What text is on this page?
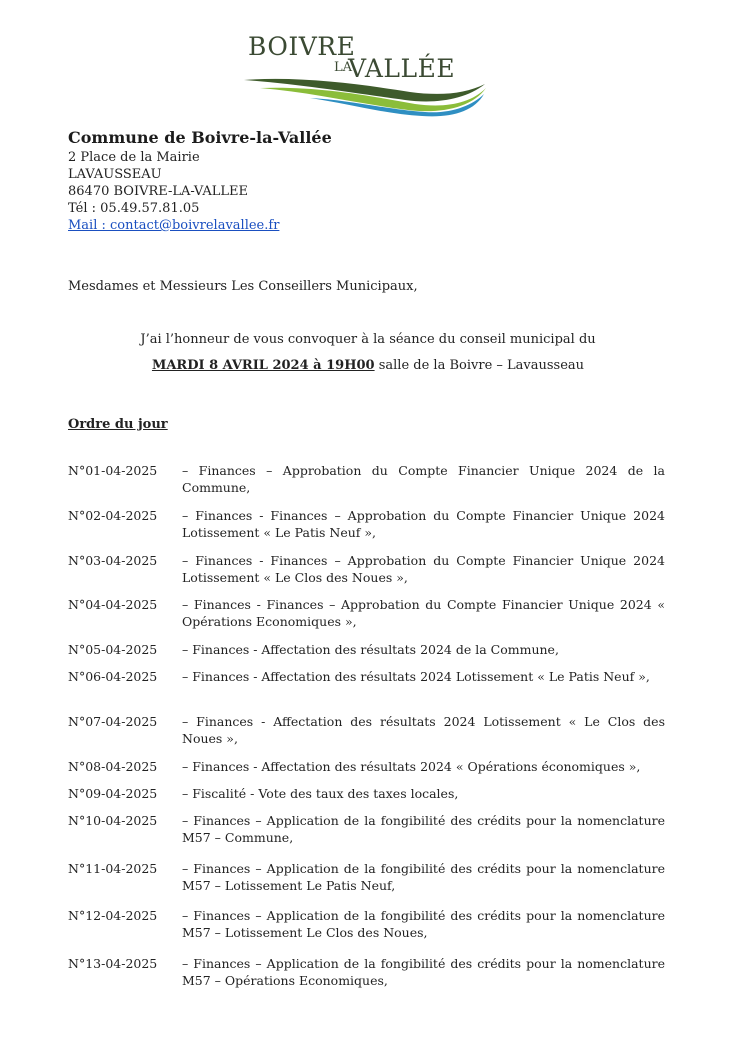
BOIVRE
LA
VALLÉE
Commune de Boivre-la-Vallée
2 Place de la Mairie
LAVAUSSEAU
86470 BOIVRE-LA-VALLEE
Tél : 05.49.57.81.05
Mail : contact@boivrelavallee.fr
Mesdames et Messieurs Les Conseillers Municipaux,
J’ai l’honneur de vous convoquer à la séance du conseil municipal du
MARDI 8 AVRIL 2024 à 19H00 salle de la Boivre – Lavausseau
Ordre du jour
N°01-04-2025 – Finances – Approbation du Compte Financier Unique 2024 de la Commune,
N°02-04-2025 – Finances - Finances – Approbation du Compte Financier Unique 2024 Lotissement « Le Patis Neuf »,
N°03-04-2025 – Finances - Finances – Approbation du Compte Financier Unique 2024 Lotissement « Le Clos des Noues »,
N°04-04-2025 – Finances - Finances – Approbation du Compte Financier Unique 2024 « Opérations Economiques »,
N°05-04-2025 – Finances - Affectation des résultats 2024 de la Commune,
N°06-04-2025 – Finances - Affectation des résultats 2024 Lotissement « Le Patis Neuf »,
N°07-04-2025 – Finances - Affectation des résultats 2024 Lotissement « Le Clos des Noues »,
N°08-04-2025 – Finances - Affectation des résultats 2024 « Opérations économiques »,
N°09-04-2025 – Fiscalité - Vote des taux des taxes locales,
N°10-04-2025 – Finances – Application de la fongibilité des crédits pour la nomenclature M57 – Commune,
N°11-04-2025 – Finances – Application de la fongibilité des crédits pour la nomenclature M57 – Lotissement Le Patis Neuf,
N°12-04-2025 – Finances – Application de la fongibilité des crédits pour la nomenclature M57 – Lotissement Le Clos des Noues,
N°13-04-2025 – Finances – Application de la fongibilité des crédits pour la nomenclature M57 – Opérations Economiques,
